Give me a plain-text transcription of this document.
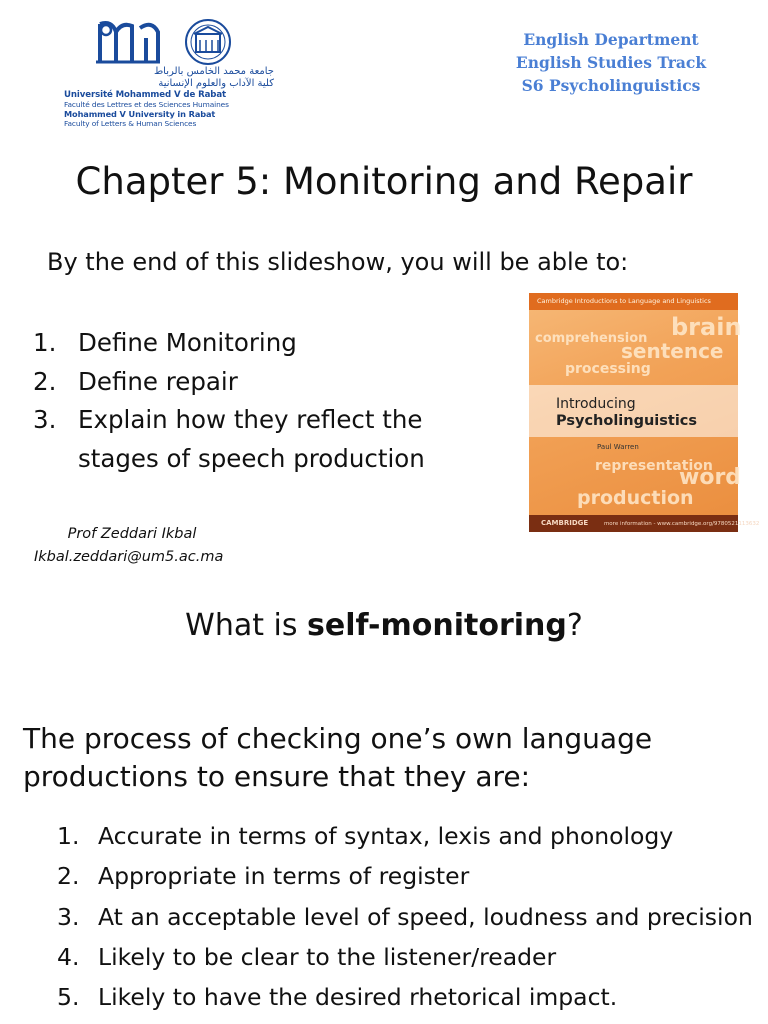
جامعة محمد الخامس بالرباط
كلية الآداب والعلوم الإنسانية
Université Mohammed V de Rabat
Faculté des Lettres et des Sciences Humaines
Mohammed V University in Rabat
Faculty of Letters & Human Sciences
English Department
English Studies Track
S6 Psycholinguistics
Chapter 5: Monitoring and Repair
By the end of this slideshow, you will be able to:
1. Define Monitoring
2. Define repair
3. Explain how they reflect the stages of speech production
Prof Zeddari Ikbal
Ikbal.zeddari@um5.ac.ma
Cambridge Introductions to Language and Linguistics
brain
comprehension
sentence
processing
Introducing
Psycholinguistics
Paul Warren
representation
word
production
CAMBRIDGE	more information - www.cambridge.org/9780521113632
What is self-monitoring?
The process of checking one’s own language productions to ensure that they are:
1. Accurate in terms of syntax, lexis and phonology
2. Appropriate in terms of register
3. At an acceptable level of speed, loudness and precision
4. Likely to be clear to the listener/reader
5. Likely to have the desired rhetorical impact.
